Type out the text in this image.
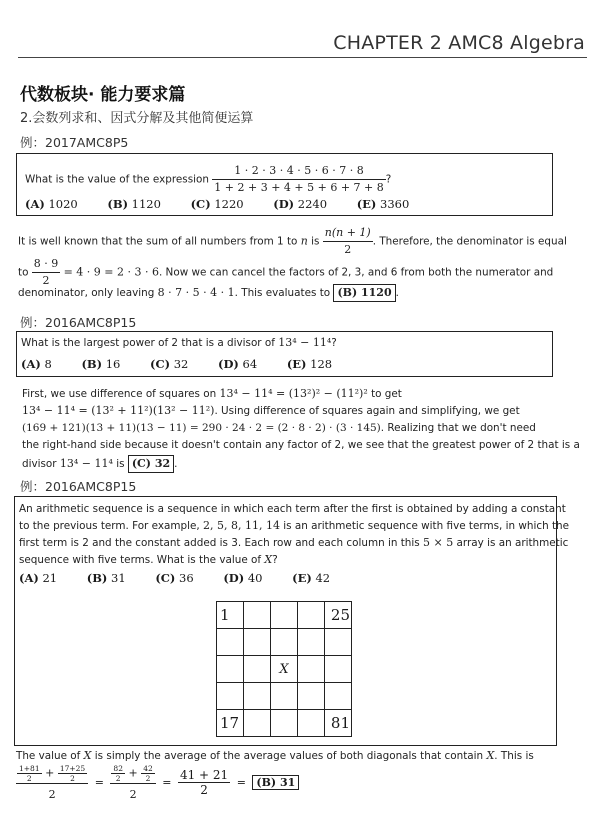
CHAPTER 2 AMC8 Algebra
代数板块· 能力要求篇
2.会数列求和、因式分解及其他简便运算
例：2017AMC8P5
What is the value of the expression $\frac{1 \cdot 2 \cdot 3 \cdot 4 \cdot 5 \cdot 6 \cdot 7 \cdot 8}{1 + 2 + 3 + 4 + 5 + 6 + 7 + 8}$ ?
(A) 1020	(B) 1120	(C) 1220	(D) 2240	(E) 3360
It is well known that the sum of all numbers from 1 to n is $\frac{n(n + 1)}{2}$ . Therefore, the denominator is equal
to $\frac{8 \cdot 9}{2} = 4 \cdot 9 = 2 \cdot 3 \cdot 6$. Now we can cancel the factors of 2, 3, and 6 from both the numerator and
denominator, only leaving 8 · 7 · 5 · 4 · 1. This evaluates to (B) 1120 .
例：2016AMC8P15
What is the largest power of 2 that is a divisor of 13⁴ − 11⁴?
(A) 8	(B) 16	(C) 32	(D) 64	(E) 128
First, we use difference of squares on 13⁴ − 11⁴ = (13²)² − (11²)² to get
13⁴ − 11⁴ = (13² + 11²)(13² − 11²). Using difference of squares again and simplifying, we get
(169 + 121)(13 + 11)(13 − 11) = 290 · 24 · 2 = (2 · 8 · 2) · (3 · 145). Realizing that we don't need
the right-hand side because it doesn't contain any factor of 2, we see that the greatest power of 2 that is a
divisor 13⁴ − 11⁴ is (C) 32 .
例：2016AMC8P15
An arithmetic sequence is a sequence in which each term after the first is obtained by adding a constant
to the previous term. For example, 2, 5, 8, 11, 14 is an arithmetic sequence with five terms, in which the
first term is 2 and the constant added is 3. Each row and each column in this 5 × 5 array is an arithmetic
sequence with five terms. What is the value of X?
(A) 21	(B) 31	(C) 36	(D) 40	(E) 42
1				25

		X		

17				81
The value of X is simply the average of the average values of both diagonals that contain X. This is
$\frac{\frac{1+81}{2} + \frac{17+25}{2}}{2} = \frac{\frac{82}{2} + \frac{42}{2}}{2} = \frac{41 + 21}{2} = (B)$ 31
